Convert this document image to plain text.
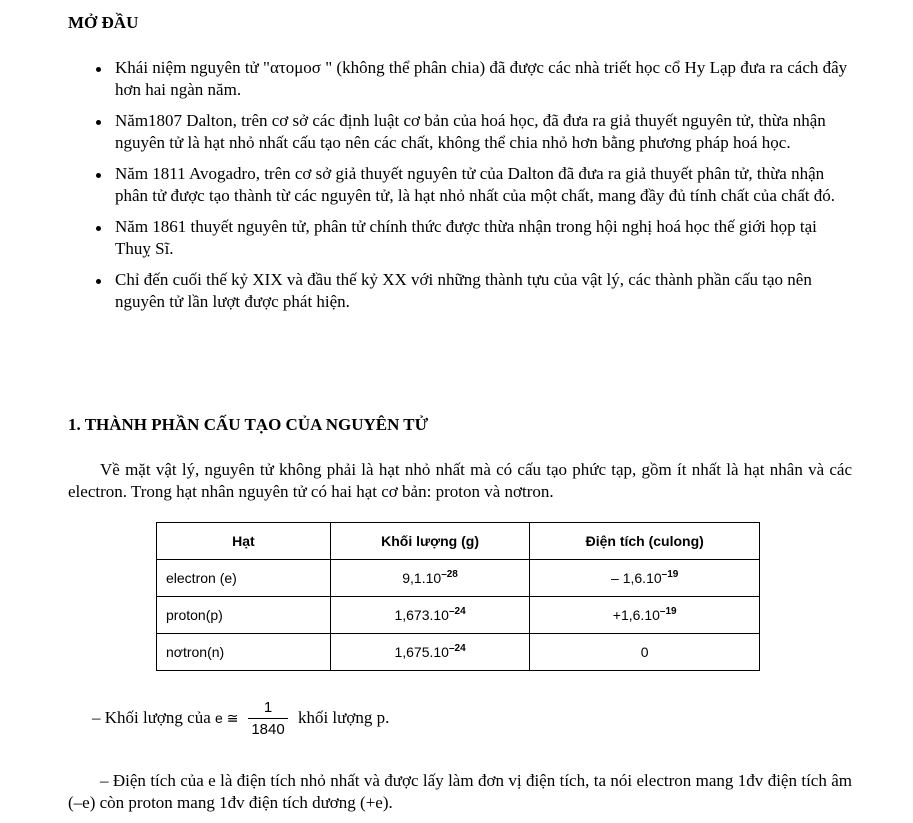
MỞ ĐẦU
Khái niệm nguyên tử "ατομοσ " (không thể phân chia) đã được các nhà triết học cổ Hy Lạp đưa ra cách đây hơn hai ngàn năm.
Năm1807 Dalton, trên cơ sở các định luật cơ bản của hoá học, đã đưa ra giả thuyết nguyên tử, thừa nhận nguyên tử là hạt nhỏ nhất cấu tạo nên các chất, không thể chia nhỏ hơn bằng phương pháp hoá học.
Năm 1811 Avogadro, trên cơ sở giả thuyết nguyên tử của Dalton đã đưa ra giả thuyết phân tử, thừa nhận phân tử được tạo thành từ các nguyên tử, là hạt nhỏ nhất của một chất, mang đầy đủ tính chất của chất đó.
Năm 1861 thuyết nguyên tử, phân tử chính thức được thừa nhận trong hội nghị hoá học thế giới họp tại Thuỵ Sĩ.
Chỉ đến cuối thế kỷ XIX và đầu thế kỷ XX với những thành tựu của vật lý, các thành phần cấu tạo nên nguyên tử lần lượt được phát hiện.
1. THÀNH PHẦN CẤU TẠO CỦA NGUYÊN TỬ

Về mặt vật lý, nguyên tử không phải là hạt nhỏ nhất mà có cấu tạo phức tạp, gồm ít nhất là hạt nhân và các electron. Trong hạt nhân nguyên tử có hai hạt cơ bản: proton và nơtron.

Hạt	Khối lượng (g)	Điện tích (culong)
electron (e)	$9,1.10^{-28}$	– $1,6.10^{-19}$
proton(p)	$1,673.10^{-24}$	$+1,6.10^{-19}$
nơtron(n)	$1,675.10^{-24}$	0
– Khối lượng của e ≅ $\frac{1}{1840}$ khối lượng p.

– Điện tích của e là điện tích nhỏ nhất và được lấy làm đơn vị điện tích, ta nói electron mang 1đv điện tích âm (–e) còn proton mang 1đv điện tích dương (+e).
